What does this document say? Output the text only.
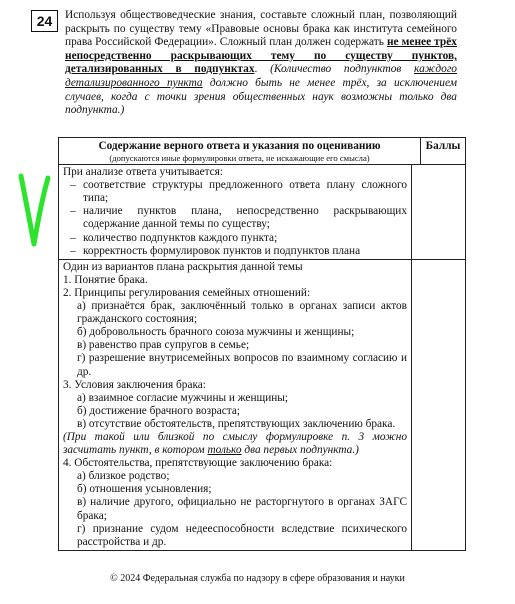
24	Используя обществоведческие знания, составьте сложный план, позволяющий раскрыть по существу тему «Правовые основы брака как института семейного права Российской Федерации». Сложный план должен содержать не менее трёх непосредственно раскрывающих тему по существу пунктов, детализированных в подпунктах. (Количество подпунктов каждого детализированного пункта должно быть не менее трёх, за исключением случаев, когда с точки зрения общественных наук возможны только два подпункта.)
Содержание верного ответа и указания по оцениванию
(допускаются иные формулировки ответа, не искажающие его смысла)
Баллы
При анализе ответа учитывается:
– соответствие структуры предложенного ответа плану сложного типа;
– наличие пунктов плана, непосредственно раскрывающих содержание данной темы по существу;
– количество подпунктов каждого пункта;
– корректность формулировок пунктов и подпунктов плана
Один из вариантов плана раскрытия данной темы
1. Понятие брака.
2. Принципы регулирования семейных отношений:
а) признаётся брак, заключённый только в органах записи актов гражданского состояния;
б) добровольность брачного союза мужчины и женщины;
в) равенство прав супругов в семье;
г) разрешение внутрисемейных вопросов по взаимному согласию и др.
3. Условия заключения брака:
а) взаимное согласие мужчины и женщины;
б) достижение брачного возраста;
в) отсутствие обстоятельств, препятствующих заключению брака.
(При такой или близкой по смыслу формулировке п. 3 можно засчитать пункт, в котором только два первых подпункта.)
4. Обстоятельства, препятствующие заключению брака:
а) близкое родство;
б) отношения усыновления;
в) наличие другого, официально не расторгнутого в органах ЗАГС брака;
г) признание судом недееспособности вследствие психического расстройства и др.
© 2024 Федеральная служба по надзору в сфере образования и науки
